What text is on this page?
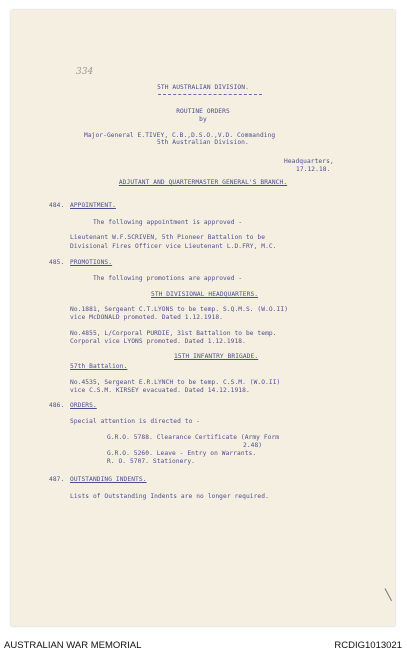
334
5TH AUSTRALIAN DIVISION.
ROUTINE ORDERS
by
Major-General E.TIVEY, C.B.,D.S.O.,V.D. Commanding
5th Australian Division.
Headquarters,
17.12.18.
ADJUTANT AND QUARTERMASTER GENERAL'S BRANCH.
484. APPOINTMENT.
The following appointment is approved -
Lieutenant W.F.SCRIVEN, 5th Pioneer Battalion to be
Divisional Fires Officer vice Lieutenant L.D.FRY, M.C.
485. PROMOTIONS.
The following promotions are approved -
5TH DIVISIONAL HEADQUARTERS.
No.1881, Sergeant C.T.LYONS to be temp. S.Q.M.S. (W.O.II)
vice McDONALD promoted. Dated 1.12.1918.
No.4855, L/Corporal PURDIE, 31st Battalion to be temp.
Corporal vice LYONS promoted. Dated 1.12.1918.
15TH INFANTRY BRIGADE.
57th Battalion.
No.4535, Sergeant E.R.LYNCH to be temp. C.S.M. (W.O.II)
vice C.S.M. KIRSEY evacuated. Dated 14.12.1918.
486. ORDERS.
Special attention is directed to -
G.R.O. 5788. Clearance Certificate (Army Form
2.48)
G.R.O. 5260. Leave - Entry on Warrants.
R. O. 5707. Stationery.
487. OUTSTANDING INDENTS.
Lists of Outstanding Indents are no longer required.
AUSTRALIAN WAR MEMORIAL	RCDIG1013021
